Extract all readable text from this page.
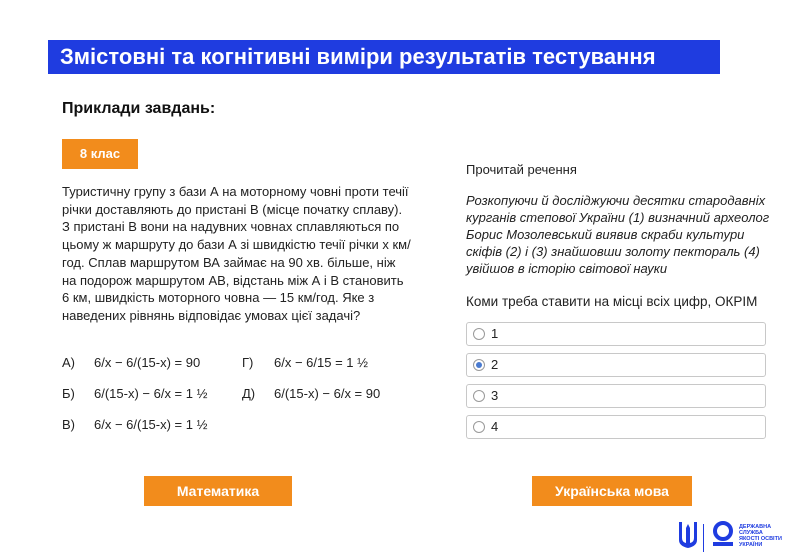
Змістовні та когнітивні виміри результатів тестування
Приклади завдань:
8 клас
Туристичну групу з бази А на моторному човні проти течії річки доставляють до пристані В (місце початку сплаву). З пристані В вони на надувних човнах сплавляються по цьому ж маршруту до бази А зі швидкістю течії річки x км/год. Сплав маршрутом ВА займає на 90 хв. більше, ніж на подорож маршрутом АВ, відстань між А і В становить 6 км, швидкість моторного човна — 15 км/год. Яке з наведених рівнянь відповідає умовах цієї задачі?
А) 6/x − 6/(15-x) = 90
Б) 6/(15-x) − 6/x = 1 ½
В) 6/x − 6/(15-x) = 1 ½
Г) 6/x − 6/15 = 1 ½
Д) 6/(15-x) − 6/x = 90
Математика
Прочитай речення
Розкопуючи й досліджуючи десятки стародавніх курганів степової України (1) визначний археолог Борис Мозолевський виявив скраби культури скіфів (2) і (3) знайшовши золоту пектораль (4) увійшов в історію світової науки
Коми треба ставити на місці всіх цифр, ОКРІМ
1
2
3
4
Українська мова
ДЕРЖАВНА
СЛУЖБА
ЯКОСТІ ОСВІТИ
УКРАЇНИ
